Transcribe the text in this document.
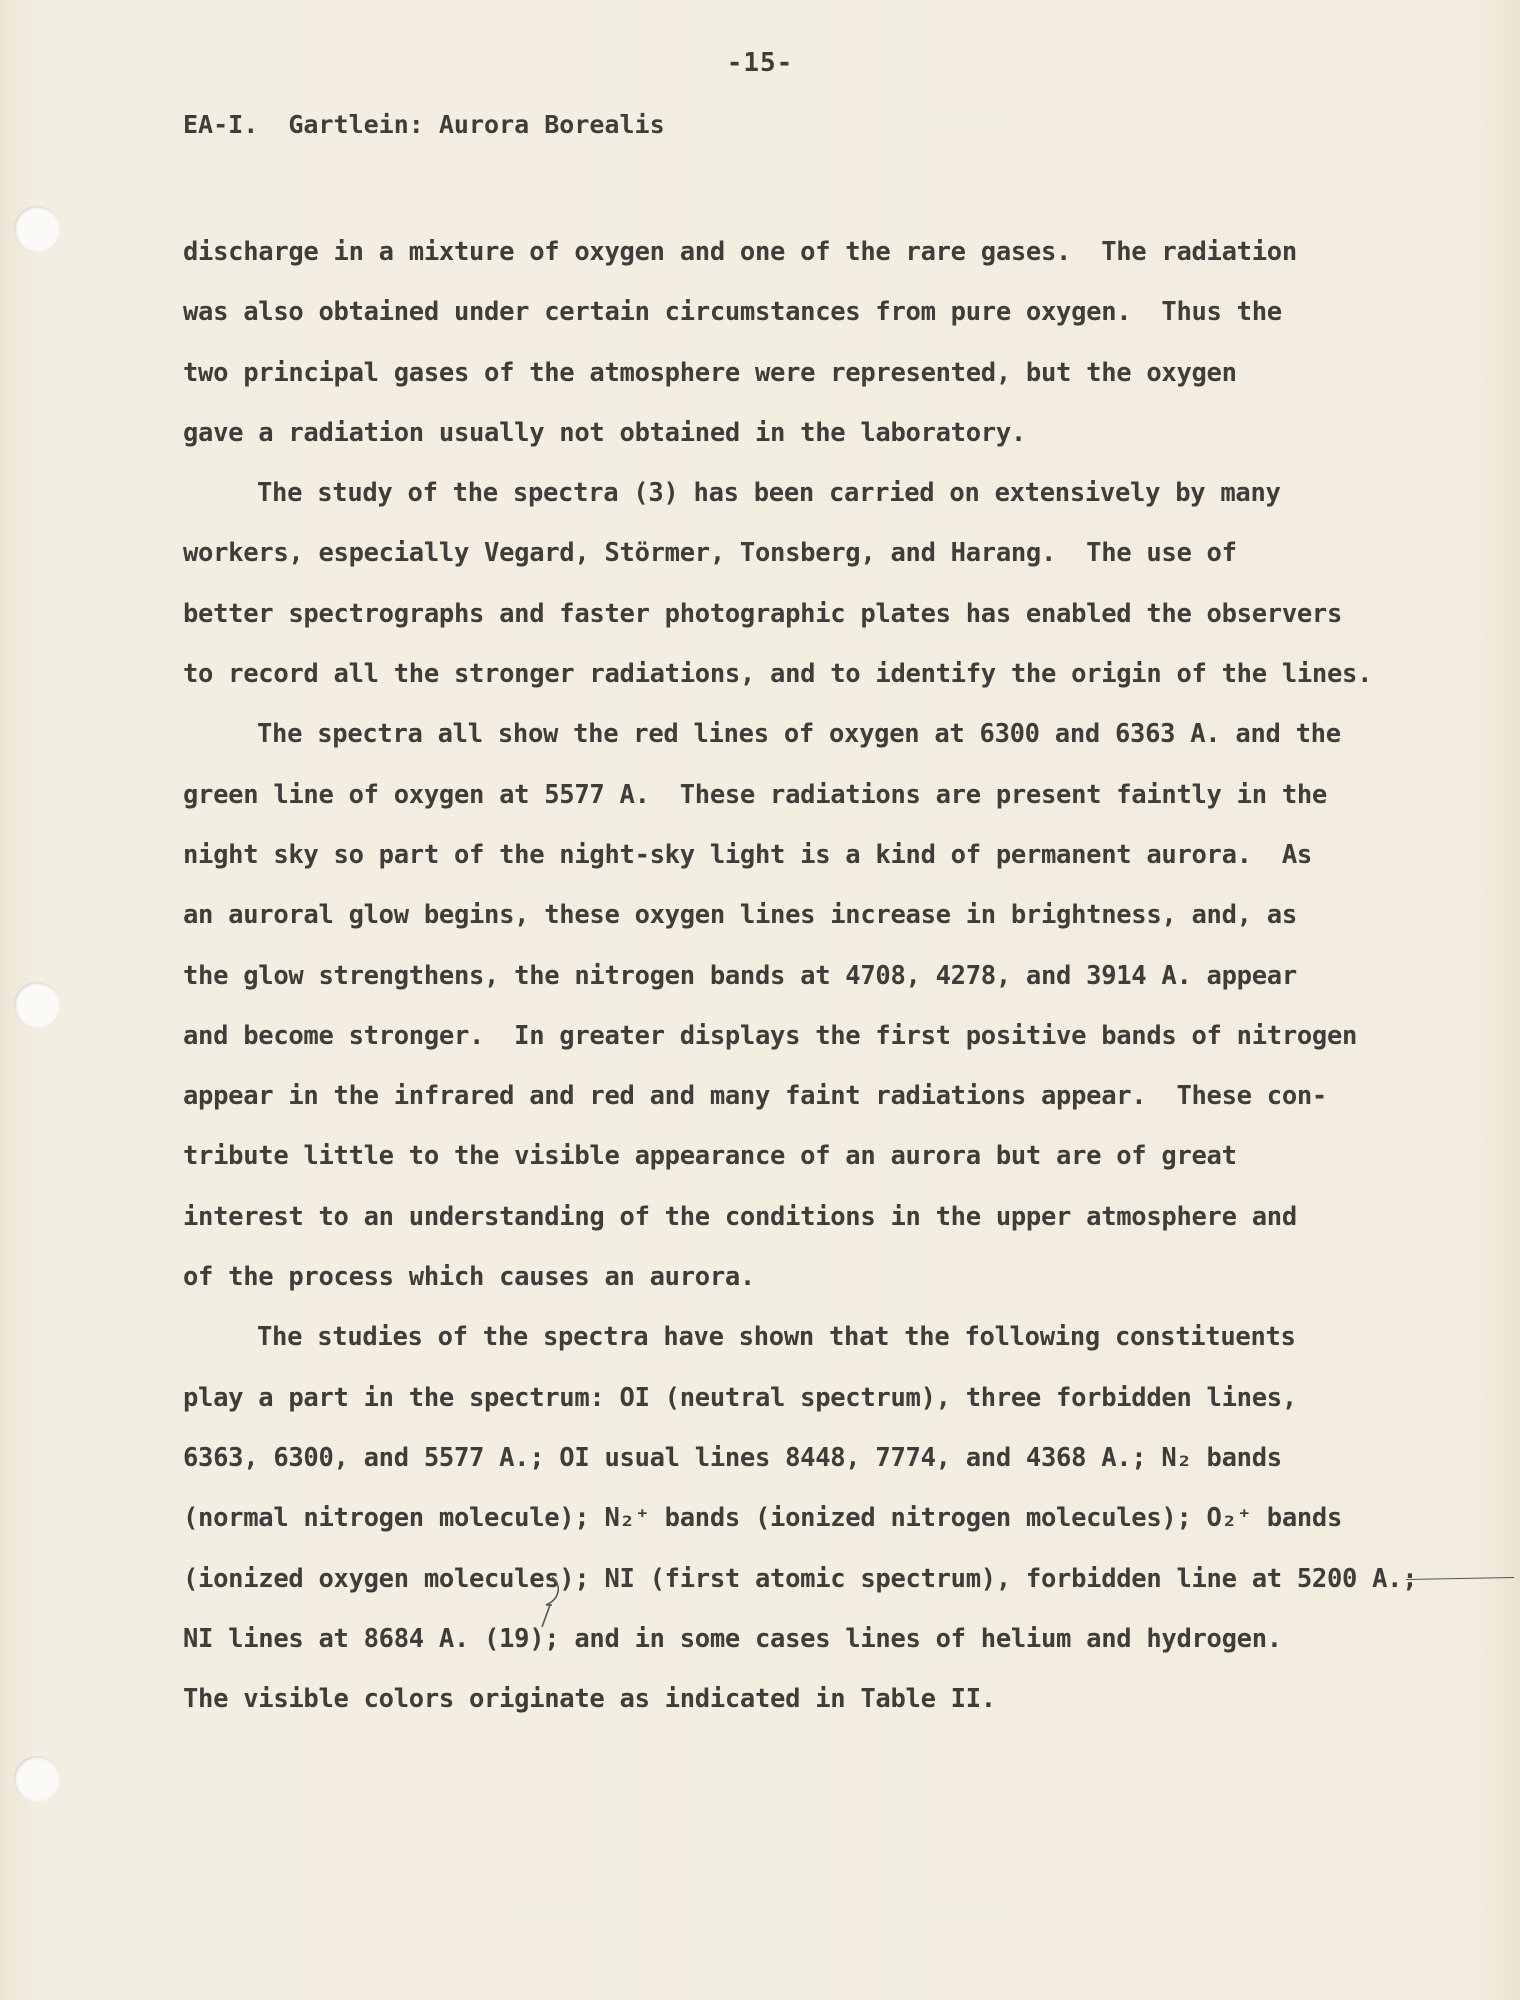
-15-
EA-I.  Gartlein: Aurora Borealis
discharge in a mixture of oxygen and one of the rare gases.  The radiation
was also obtained under certain circumstances from pure oxygen.  Thus the
two principal gases of the atmosphere were represented, but the oxygen
gave a radiation usually not obtained in the laboratory.
The study of the spectra (3) has been carried on extensively by many
workers, especially Vegard, Störmer, Tonsberg, and Harang.  The use of
better spectrographs and faster photographic plates has enabled the observers
to record all the stronger radiations, and to identify the origin of the lines.
The spectra all show the red lines of oxygen at 6300 and 6363 A. and the
green line of oxygen at 5577 A.  These radiations are present faintly in the
night sky so part of the night-sky light is a kind of permanent aurora.  As
an auroral glow begins, these oxygen lines increase in brightness, and, as
the glow strengthens, the nitrogen bands at 4708, 4278, and 3914 A. appear
and become stronger.  In greater displays the first positive bands of nitrogen
appear in the infrared and red and many faint radiations appear.  These con-
tribute little to the visible appearance of an aurora but are of great
interest to an understanding of the conditions in the upper atmosphere and
of the process which causes an aurora.
The studies of the spectra have shown that the following constituents
play a part in the spectrum: OI (neutral spectrum), three forbidden lines,
6363, 6300, and 5577 A.; OI usual lines 8448, 7774, and 4368 A.; N₂ bands
(normal nitrogen molecule); N₂⁺ bands (ionized nitrogen molecules); O₂⁺ bands
(ionized oxygen molecules); NI (first atomic spectrum), forbidden line at 5200 A.;
NI lines at 8684 A. (19); and in some cases lines of helium and hydrogen.
The visible colors originate as indicated in Table II.
